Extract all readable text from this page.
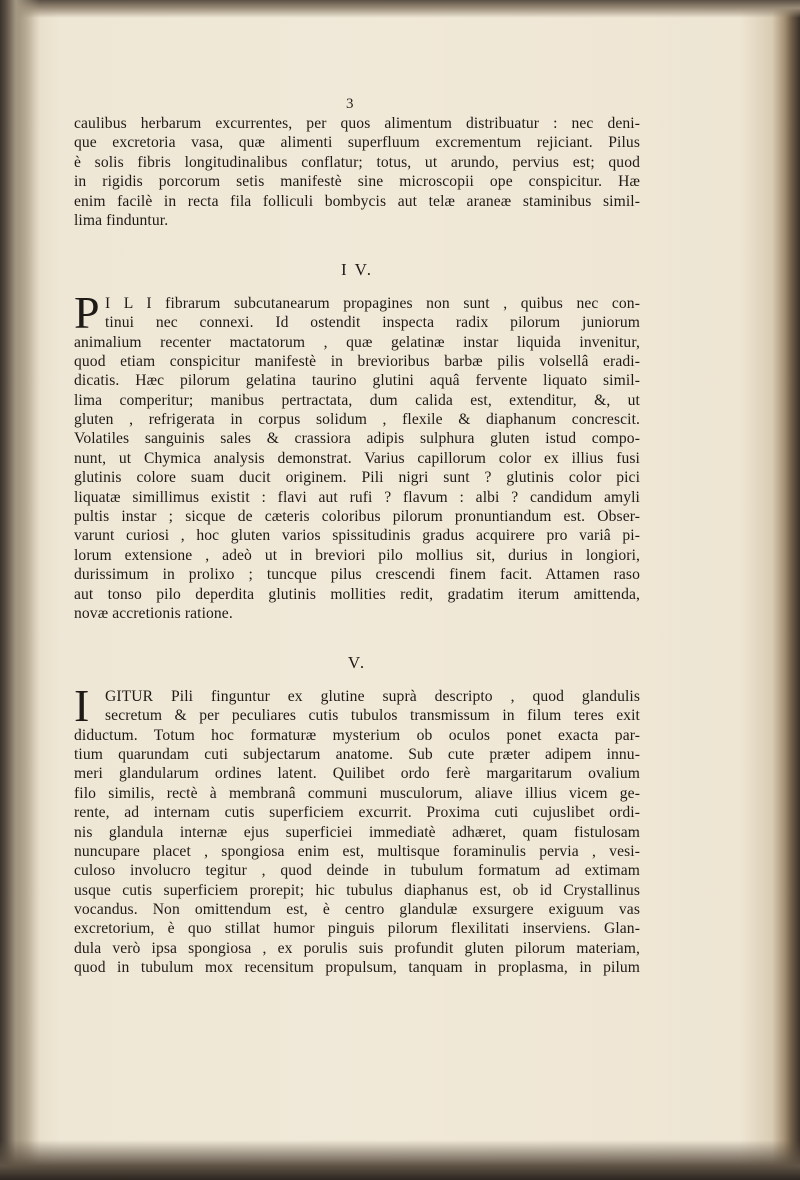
3
caulibus herbarum excurrentes, per quos alimentum distribuatur : nec deni-
que excretoria vasa, quæ alimenti superfluum excrementum rejiciant. Pilus
è solis fibris longitudinalibus conflatur; totus, ut arundo, pervius est; quod
in rigidis porcorum setis manifestè sine microscopii ope conspicitur. Hæ
enim facilè in recta fila folliculi bombycis aut telæ araneæ staminibus simil-
lima finduntur.
I V.
P I L I fibrarum subcutanearum propagines non sunt , quibus nec con-
tinui nec connexi. Id ostendit inspecta radix pilorum juniorum
animalium recenter mactatorum , quæ gelatinæ instar liquida invenitur,
quod etiam conspicitur manifestè in brevioribus barbæ pilis volsellâ eradi-
dicatis. Hæc pilorum gelatina taurino glutini aquâ fervente liquato simil-
lima comperitur; manibus pertractata, dum calida est, extenditur, &, ut
gluten , refrigerata in corpus solidum , flexile & diaphanum concrescit.
Volatiles sanguinis sales & crassiora adipis sulphura gluten istud compo-
nunt, ut Chymica analysis demonstrat. Varius capillorum color ex illius fusi
glutinis colore suam ducit originem. Pili nigri sunt ? glutinis color pici
liquatæ simillimus existit : flavi aut rufi ? flavum : albi ? candidum amyli
pultis instar ; sicque de cæteris coloribus pilorum pronuntiandum est. Obser-
varunt curiosi , hoc gluten varios spissitudinis gradus acquirere pro variâ pi-
lorum extensione , adeò ut in breviori pilo mollius sit, durius in longiori,
durissimum in prolixo ; tuncque pilus crescendi finem facit. Attamen raso
aut tonso pilo deperdita glutinis mollities redit, gradatim iterum amittenda,
novæ accretionis ratione.
V.
I GITUR Pili finguntur ex glutine suprà descripto , quod glandulis
secretum & per peculiares cutis tubulos transmissum in filum teres exit
diductum. Totum hoc formaturæ mysterium ob oculos ponet exacta par-
tium quarundam cuti subjectarum anatome. Sub cute præter adipem innu-
meri glandularum ordines latent. Quilibet ordo ferè margaritarum ovalium
filo similis, rectè à membranâ communi musculorum, aliave illius vicem ge-
rente, ad internam cutis superficiem excurrit. Proxima cuti cujuslibet ordi-
nis glandula internæ ejus superficiei immediatè adhæret, quam fistulosam
nuncupare placet , spongiosa enim est, multisque foraminulis pervia , vesi-
culoso involucro tegitur , quod deinde in tubulum formatum ad extimam
usque cutis superficiem prorepit; hic tubulus diaphanus est, ob id Crystallinus
vocandus. Non omittendum est, è centro glandulæ exsurgere exiguum vas
excretorium, è quo stillat humor pinguis pilorum flexilitati inserviens. Glan-
dula verò ipsa spongiosa , ex porulis suis profundit gluten pilorum materiam,
quod in tubulum mox recensitum propulsum, tanquam in proplasma, in pilum
